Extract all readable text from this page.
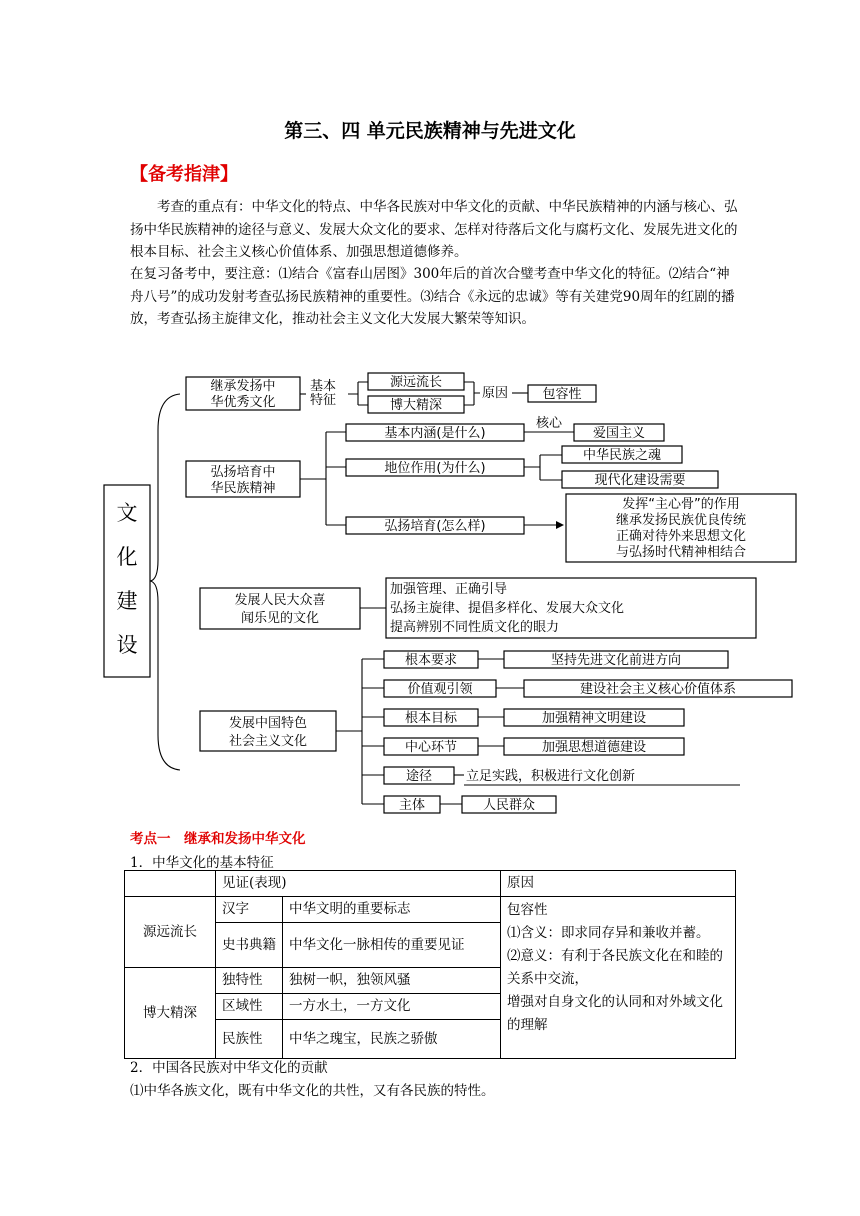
第三、四 单元民族精神与先进文化
【备考指津】
考查的重点有：中华文化的特点、中华各民族对中华文化的贡献、中华民族精神的内涵与核心、弘扬中华民族精神的途径与意义、发展大众文化的要求、怎样对待落后文化与腐朽文化、发展先进文化的根本目标、社会主义核心价值体系、加强思想道德修养。
在复习备考中，要注意：⑴结合《富春山居图》300年后的首次合璧考查中华文化的特征。⑵结合“神舟八号”的成功发射考查弘扬民族精神的重要性。⑶结合《永远的忠诚》等有关建党90周年的红剧的播放，考查弘扬主旋律文化，推动社会主义文化大发展大繁荣等知识。
文
化
建
设
继承发扬中
华优秀文化
基本
特征
源远流长
博大精深
原因	包容性
弘扬培育中
华民族精神
基本内涵(是什么)
核心
爱国主义
地位作用(为什么)
中华民族之魂
现代化建设需要
弘扬培育(怎么样)
发挥“主心骨”的作用
继承发扬民族优良传统
正确对待外来思想文化
与弘扬时代精神相结合
发展人民大众喜
闻乐见的文化
加强管理、正确引导
弘扬主旋律、提倡多样化、发展大众文化
提高辨别不同性质文化的眼力
发展中国特色
社会主义文化
根本要求	坚持先进文化前进方向
价值观引领	建设社会主义核心价值体系
根本目标	加强精神文明建设
中心环节	加强思想道德建设
途径	立足实践，积极进行文化创新
主体	人民群众
考点一　继承和发扬中华文化
1．中华文化的基本特征
	见证(表现)		原因
源远流长	汉字	中华文明的重要标志	包容性
⑴含义：即求同存异和兼收并蓄。
⑵意义：有利于各民族文化在和睦的关系中交流，
增强对自身文化的认同和对外域文化的理解

	史书典籍	中华文化一脉相传的重要见证	
博大精深	独特性	独树一帜，独领风骚	
	区域性	一方水土，一方文化	
	民族性	中华之瑰宝，民族之骄傲	
2．中国各民族对中华文化的贡献
⑴中华各族文化，既有中华文化的共性，又有各民族的特性。
